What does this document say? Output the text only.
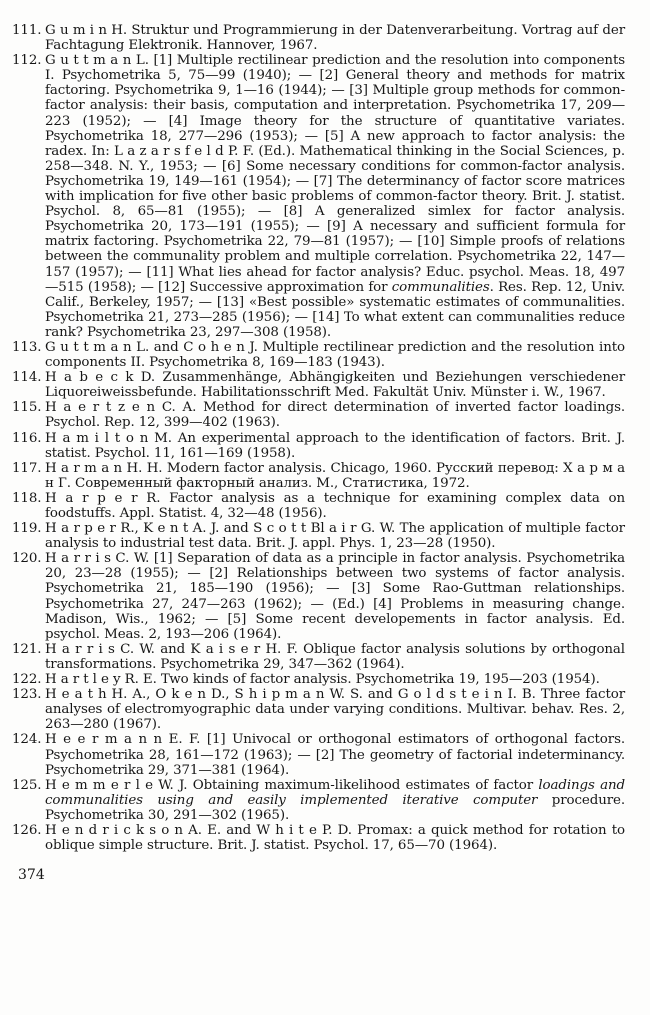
111. G u m i n H. Struktur und Programmierung in der Datenverarbeitung. Vortrag auf der Fachtagung Elektronik. Hannover, 1967.
112. G u t t m a n L. [1] Multiple rectilinear prediction and the resolution into components I. Psychometrika 5, 75—99 (1940); — [2] General theory and methods for matrix factoring. Psychometrika 9, 1—16 (1944); — [3] Multiple group methods for common-factor analysis: their basis, computation and interpretation. Psychometrika 17, 209—223 (1952); — [4] Image theory for the structure of quantitative variates. Psychometrika 18, 277—296 (1953); — [5] A new approach to factor analysis: the radex. In: L a z a r s f e l d P. F. (Ed.). Mathematical thinking in the Social Sciences, p. 258—348. N. Y., 1953; — [6] Some necessary conditions for common-factor analysis. Psychometrika 19, 149—161 (1954); — [7] The determinancy of factor score matrices with implication for five other basic problems of common-factor theory. Brit. J. statist. Psychol. 8, 65—81 (1955); — [8] A generalized simlex for factor analysis. Psychometrika 20, 173—191 (1955); — [9] A necessary and sufficient formula for matrix factoring. Psychometrika 22, 79—81 (1957); — [10] Simple proofs of relations between the communality problem and multiple correlation. Psychometrika 22, 147—157 (1957); — [11] What lies ahead for factor analysis? Educ. psychol. Meas. 18, 497—515 (1958); — [12] Successive approximation for communalities. Res. Rep. 12, Univ. Calif., Berkeley, 1957; — [13] «Best possible» systematic estimates of communalities. Psychometrika 21, 273—285 (1956); — [14] To what extent can communalities reduce rank? Psychometrika 23, 297—308 (1958).
113. G u t t m a n L. and C o h e n J. Multiple rectilinear prediction and the resolution into components II. Psychometrika 8, 169—183 (1943).
114. H a b e c k D. Zusammenhänge, Abhängigkeiten und Beziehungen verschiedener Liquoreiweissbefunde. Habilitationsschrift Med. Fakultät Univ. Münster i. W., 1967.
115. H a e r t z e n C. A. Method for direct determination of inverted factor loadings. Psychol. Rep. 12, 399—402 (1963).
116. H a m i l t o n M. An experimental approach to the identification of factors. Brit. J. statist. Psychol. 11, 161—169 (1958).
117. H a r m a n H. H. Modern factor analysis. Chicago, 1960. Русский перевод: Х а р м а н Г. Современный факторный анализ. М., Статистика, 1972.
118. H a r p e r R. Factor analysis as a technique for examining complex data on foodstuffs. Appl. Statist. 4, 32—48 (1956).
119. H a r p e r R., K e n t A. J. and S c o t t Bl a i r G. W. The application of multiple factor analysis to industrial test data. Brit. J. appl. Phys. 1, 23—28 (1950).
120. H a r r i s C. W. [1] Separation of data as a principle in factor analysis. Psychometrika 20, 23—28 (1955); — [2] Relationships between two systems of factor analysis. Psychometrika 21, 185—190 (1956); — [3] Some Rao-Guttman relationships. Psychometrika 27, 247—263 (1962); — (Ed.) [4] Problems in measuring change. Madison, Wis., 1962; — [5] Some recent developements in factor analysis. Ed. psychol. Meas. 2, 193—206 (1964).
121. H a r r i s C. W. and K a i s e r H. F. Oblique factor analysis solutions by orthogonal transformations. Psychometrika 29, 347—362 (1964).
122. H a r t l e y R. E. Two kinds of factor analysis. Psychometrika 19, 195—203 (1954).
123. H e a t h H. A., O k e n D., S h i p m a n W. S. and G o l d s t e i n I. B. Three factor analyses of electromyographic data under varying conditions. Multivar. behav. Res. 2, 263—280 (1967).
124. H e e r m a n n E. F. [1] Univocal or orthogonal estimators of orthogonal factors. Psychometrika 28, 161—172 (1963); — [2] The geometry of factorial indeterminancy. Psychometrika 29, 371—381 (1964).
125. H e m m e r l e W. J. Obtaining maximum-likelihood estimates of factor loadings and communalities using and easily implemented iterative computer procedure. Psychometrika 30, 291—302 (1965).
126. H e n d r i c k s o n A. E. and W h i t e P. D. Promax: a quick method for rotation to oblique simple structure. Brit. J. statist. Psychol. 17, 65—70 (1964).
374
